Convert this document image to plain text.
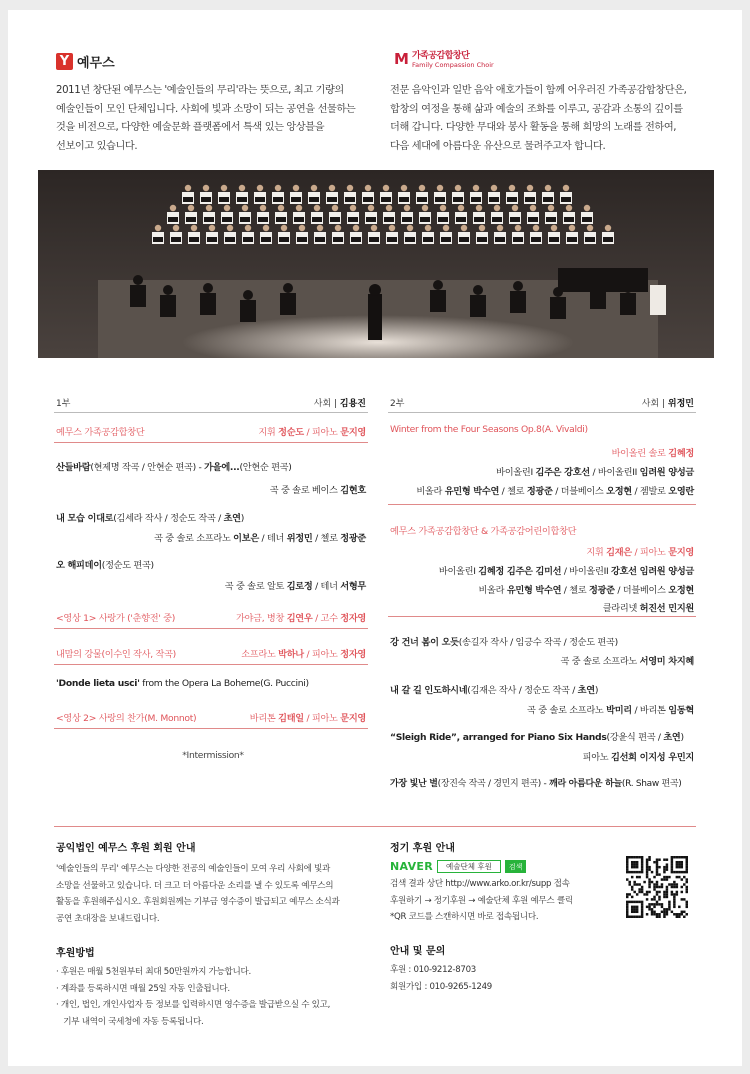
Y 예무스	M 가족공감합창단
Family Compassion Choir
2011년 창단된 예무스는 '예술인들의 무리'라는 뜻으로, 최고 기량의
예술인들이 모인 단체입니다. 사회에 빛과 소망이 되는 공연을 선물하는
것을 비전으로, 다양한 예술문화 플랫폼에서 특색 있는 앙상블을
선보이고 있습니다.
전문 음악인과 일반 음악 애호가들이 함께 어우러진 가족공감합창단은,
합창의 여정을 통해 삶과 예술의 조화를 이루고, 공감과 소통의 깊이를
더해 갑니다. 다양한 무대와 봉사 활동을 통해 희망의 노래를 전하여,
다음 세대에 아름다운 유산으로 물려주고자 합니다.
1부	사회 | 김용진	2부	사회 | 위정민
예무스 가족공감합창단	지휘 정순도 / 피아노 문지영
산들바람(현제명 작곡 / 안현순 편곡) - 가을에...(안현순 편곡)
곡 중 솔로 베이스 김현호
내 모습 이대로(김세라 작사 / 정순도 작곡 / 초연)
곡 중 솔로 소프라노 이보은 / 테너 위정민 / 첼로 정광준
오 해피데이(정순도 편곡)
곡 중 솔로 알토 김로정 / 테너 서형무
<영상 1> 사랑가 ('춘향전' 중)	가야금, 병창 김연우 / 고수 정자영
내맘의 강물(이수인 작사, 작곡)	소프라노 박하나 / 피아노 정자영
'Donde lieta usci' from the Opera La Boheme(G. Puccini)
<영상 2> 사랑의 찬가(M. Monnot)	바리톤 김태일 / 피아노 문지영
*Intermission*
Winter from the Four Seasons Op.8(A. Vivaldi)
바이올린 솔로 김혜정
바이올린I 김주은 강호선 / 바이올린II 임려원 양성금
비올라 유민형 박수연 / 첼로 정광준 / 더블베이스 오정현 / 젬발로 오영란
예무스 가족공감합창단 & 가족공감어린이합창단
지휘 김재은 / 피아노 문지영
바이올린I 김혜정 김주은 김미선 / 바이올린II 강호선 임려원 양성금
비올라 유민형 박수연 / 첼로 정광준 / 더블베이스 오정현
클라리넷 허진선 민지원
강 건너 봄이 오듯(송길자 작사 / 임긍수 작곡 / 정순도 편곡)
곡 중 솔로 소프라노 서영미 차지혜
내 갈 길 인도하시네(김재은 작사 / 정순도 작곡 / 초연)
곡 중 솔로 소프라노 박미리 / 바리톤 임동혁
“Sleigh Ride”, arranged for Piano Six Hands(강윤식 편곡 / 초연)
피아노 김선희 이지성 우민지
가장 빛난 별(장진숙 작곡 / 경민지 편곡) - 깨라 아름다운 하늘(R. Shaw 편곡)
공익법인 예무스 후원 회원 안내
'예술인들의 무리' 예무스는 다양한 전공의 예술인들이 모여 우리 사회에 빛과
소망을 선물하고 있습니다. 더 크고 더 아름다운 소리를 낼 수 있도록 예무스의
활동을 후원해주십시오. 후원회원께는 기부금 영수증이 발급되고 예무스 소식과
공연 초대장을 보내드립니다.
후원방법
· 후원은 매월 5천원부터 최대 50만원까지 가능합니다.
· 계좌를 등록하시면 매월 25일 자동 인출됩니다.
· 개인, 법인, 개인사업자 등 정보를 입력하시면 영수증을 발급받으실 수 있고,
기부 내역이 국세청에 자동 등록됩니다.
정기 후원 안내
NAVER	예술단체 후원	검색
검색 결과 상단 http://www.arko.or.kr/supp 접속
후원하기 → 정기후원 → 예술단체 후원 예무스 클릭
*QR 코드를 스캔하시면 바로 접속됩니다.
안내 및 문의
후원 : 010-9212-8703
회원가입 : 010-9265-1249
